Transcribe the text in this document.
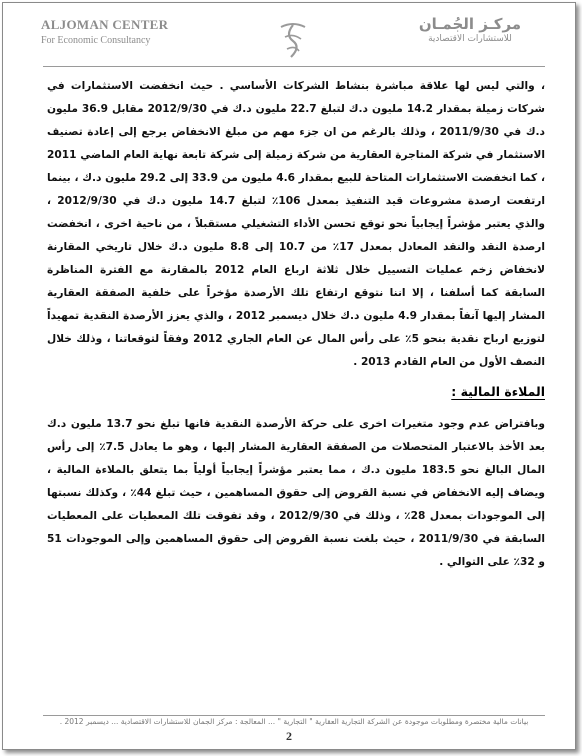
ALJOMAN CENTER
For Economic Consultancy
مركـز الجُمـان
للاستشارات الاقتصادية

، والتي ليس لها علاقة مباشرة بنشاط الشركات الأساسي . حيث انخفضت الاستثمارات في شركات زميلة بمقدار 14.2 مليون د.ك لتبلغ 22.7 مليون د.ك في 2012/9/30 مقابل 36.9 مليون د.ك في 2011/9/30 ، وذلك بالرغم من ان جزء مهم من مبلغ الانخفاض يرجع إلى إعادة تصنيف الاستثمار في شركة المتاجرة العقارية من شركة زميلة إلى شركة تابعة نهاية العام الماضي 2011 ، كما انخفضت الاستثمارات المتاحة للبيع بمقدار 4.6 مليون من 33.9 إلى 29.2 مليون د.ك ، بينما ارتفعت ارصدة مشروعات قيد التنفيذ بمعدل 106٪ لتبلغ 14.7 مليون د.ك في 2012/9/30 ، والذي يعتبر مؤشراً إيجابياً نحو توقع تحسن الأداء التشغيلي مستقبلاً ، من ناحية اخرى ، انخفضت ارصدة النقد والنقد المعادل بمعدل 17٪ من 10.7 إلى 8.8 مليون د.ك خلال تاريخي المقارنة لانخفاض زخم عمليات التسييل خلال ثلاثة ارباع العام 2012 بالمقارنة مع الفترة المناظرة السابقة كما أسلفنا ، إلا اننا نتوقع ارتفاع تلك الأرصدة مؤخراً على خلفية الصفقة العقارية المشار إليها آنفاً بمقدار 4.9 مليون د.ك خلال ديسمبر 2012 ، والذي يعزز الأرصدة النقدية تمهيداً لتوزيع ارباح نقدية بنحو 5٪ على رأس المال عن العام الجاري 2012 وفقاً لتوقعاتنا ، وذلك خلال النصف الأول من العام القادم 2013 .

الملاءة المالية :

وبافتراض عدم وجود متغيرات اخرى على حركة الأرصدة النقدية فانها تبلغ نحو 13.7 مليون د.ك بعد الأخذ بالاعتبار المتحصلات من الصفقة العقارية المشار إليها ، وهو ما يعادل 7.5٪ إلى رأس المال البالغ نحو 183.5 مليون د.ك ، مما يعتبر مؤشراً إيجابياً أولياً بما يتعلق بالملاءة المالية ، ويضاف إليه الانخفاض في نسبة القروض إلى حقوق المساهمين ، حيث تبلغ 44٪ ، وكذلك نسبتها إلى الموجودات بمعدل 28٪ ، وذلك في 2012/9/30 ، وقد تفوقت تلك المعطيات على المعطيات السابقة في 2011/9/30 ، حيث بلغت نسبة القروض إلى حقوق المساهمين وإلى الموجودات 51 و 32٪ على التوالي .

بيانات مالية مختصرة ومطلوبات موجودة عن الشركة التجارية العقارية " التجارية " ... المعالجة : مركز الجمان للاستشارات الاقتصادية ... ديسمبر 2012 .
2
